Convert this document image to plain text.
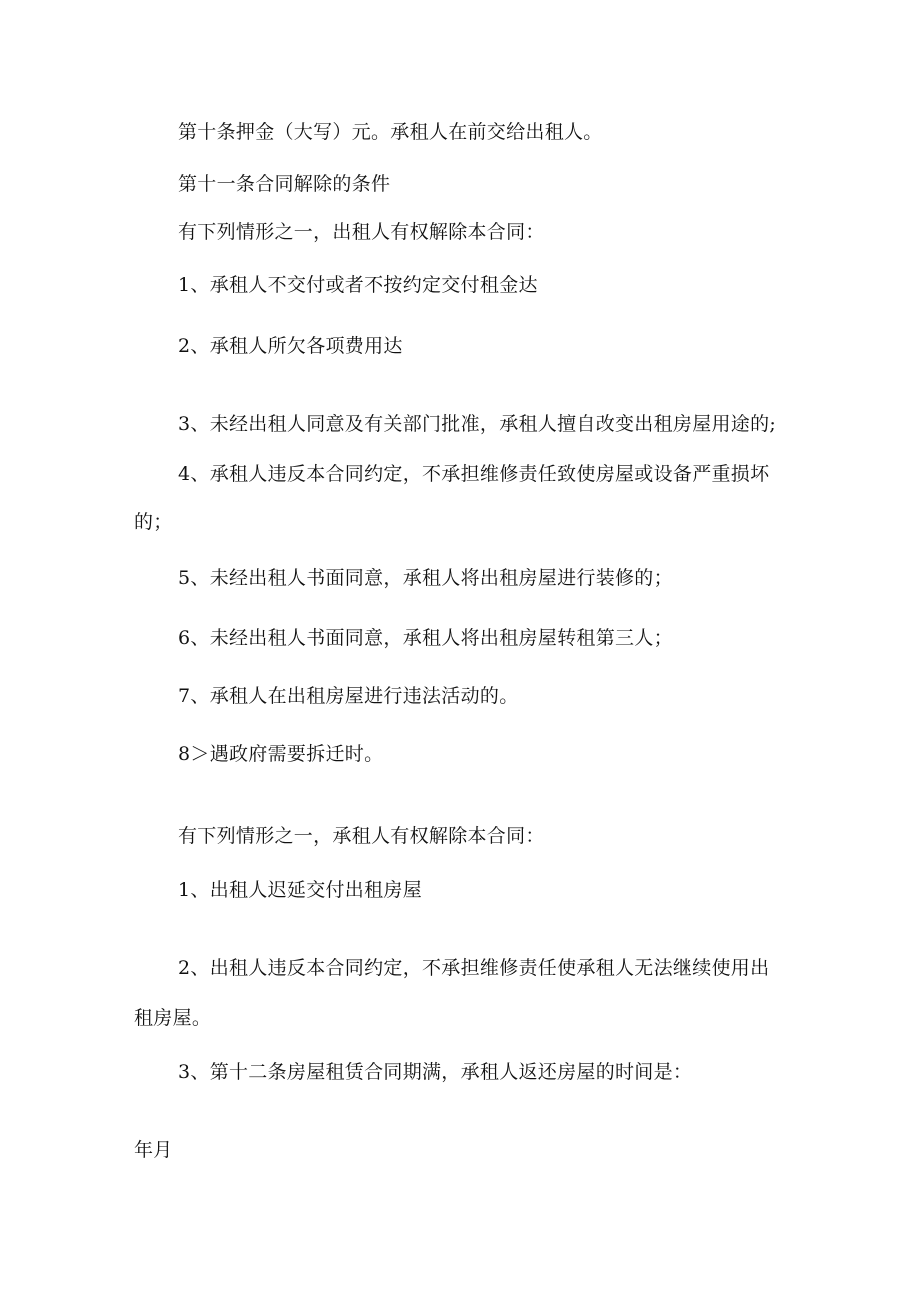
第十条押金（大写）元。承租人在前交给出租人。
第十一条合同解除的条件
有下列情形之一，出租人有权解除本合同：
1、承租人不交付或者不按约定交付租金达
2、承租人所欠各项费用达
3、未经出租人同意及有关部门批准，承租人擅自改变出租房屋用途的;
4、承租人违反本合同约定，不承担维修责任致使房屋或设备严重损坏
的；
5、未经出租人书面同意，承租人将出租房屋进行装修的；
6、未经出租人书面同意，承租人将出租房屋转租第三人；
7、承租人在出租房屋进行违法活动的。
8＞遇政府需要拆迁时。
有下列情形之一，承租人有权解除本合同：
1、出租人迟延交付出租房屋
2、出租人违反本合同约定，不承担维修责任使承租人无法继续使用出
租房屋。
3、第十二条房屋租赁合同期满，承租人返还房屋的时间是：
年月
